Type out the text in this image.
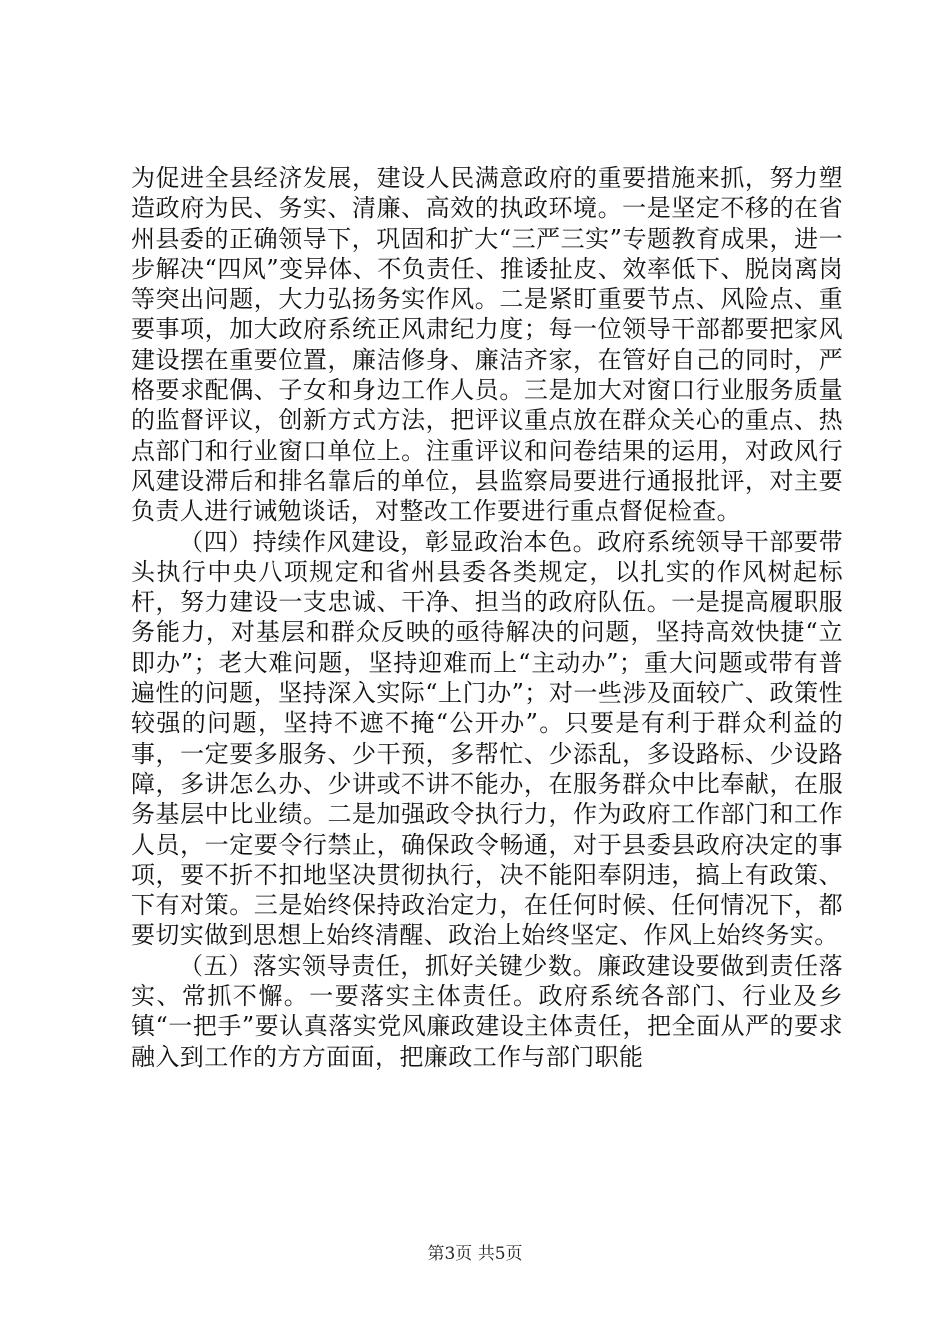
为促进全县经济发展，建设人民满意政府的重要措施来抓，努力塑造政府为民、务实、清廉、高效的执政环境。一是坚定不移的在省州县委的正确领导下，巩固和扩大“三严三实”专题教育成果，进一步解决“四风”变异体、不负责任、推诿扯皮、效率低下、脱岗离岗等突出问题，大力弘扬务实作风。二是紧盯重要节点、风险点、重要事项，加大政府系统正风肃纪力度；每一位领导干部都要把家风建设摆在重要位置，廉洁修身、廉洁齐家，在管好自己的同时，严格要求配偶、子女和身边工作人员。三是加大对窗口行业服务质量的监督评议，创新方式方法，把评议重点放在群众关心的重点、热点部门和行业窗口单位上。注重评议和问卷结果的运用，对政风行风建设滞后和排名靠后的单位，县监察局要进行通报批评，对主要负责人进行诫勉谈话，对整改工作要进行重点督促检查。

（四）持续作风建设，彰显政治本色。政府系统领导干部要带头执行中央八项规定和省州县委各类规定，以扎实的作风树起标杆，努力建设一支忠诚、干净、担当的政府队伍。一是提高履职服务能力，对基层和群众反映的亟待解决的问题，坚持高效快捷“立即办”；老大难问题，坚持迎难而上“主动办”；重大问题或带有普遍性的问题，坚持深入实际“上门办”；对一些涉及面较广、政策性较强的问题，坚持不遮不掩“公开办”。只要是有利于群众利益的事，一定要多服务、少干预，多帮忙、少添乱，多设路标、少设路障，多讲怎么办、少讲或不讲不能办，在服务群众中比奉献，在服务基层中比业绩。二是加强政令执行力，作为政府工作部门和工作人员，一定要令行禁止，确保政令畅通，对于县委县政府决定的事项，要不折不扣地坚决贯彻执行，决不能阳奉阴违，搞上有政策、下有对策。三是始终保持政治定力，在任何时候、任何情况下，都要切实做到思想上始终清醒、政治上始终坚定、作风上始终务实。

（五）落实领导责任，抓好关键少数。廉政建设要做到责任落实、常抓不懈。一要落实主体责任。政府系统各部门、行业及乡镇“一把手”要认真落实党风廉政建设主体责任，把全面从严的要求融入到工作的方方面面，把廉政工作与部门职能

第3页 共5页
